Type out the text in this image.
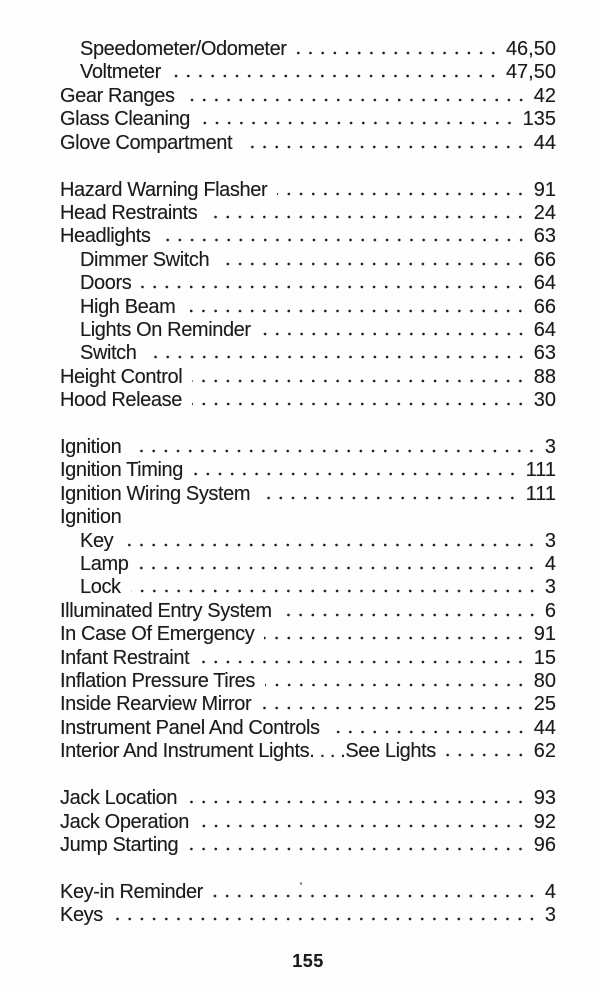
Speedometer/Odometer	46,50
Voltmeter	47,50
Gear Ranges	42
Glass Cleaning	135
Glove Compartment	44
Hazard Warning Flasher	91
Head Restraints	24
Headlights	63
Dimmer Switch	66
Doors	64
High Beam	66
Lights On Reminder	64
Switch	63
Height Control	88
Hood Release	30
Ignition	3
Ignition Timing	111
Ignition Wiring System	111
Ignition
Key	3
Lamp	4
Lock	3
Illuminated Entry System	6
In Case Of Emergency	91
Infant Restraint	15
Inflation Pressure Tires	80
Inside Rearview Mirror	25
Instrument Panel And Controls	44
Interior And Instrument Lights. . . .See Lights	62
Jack Location	93
Jack Operation	92
Jump Starting	96
Key-in Reminder	4
Keys	3
155
